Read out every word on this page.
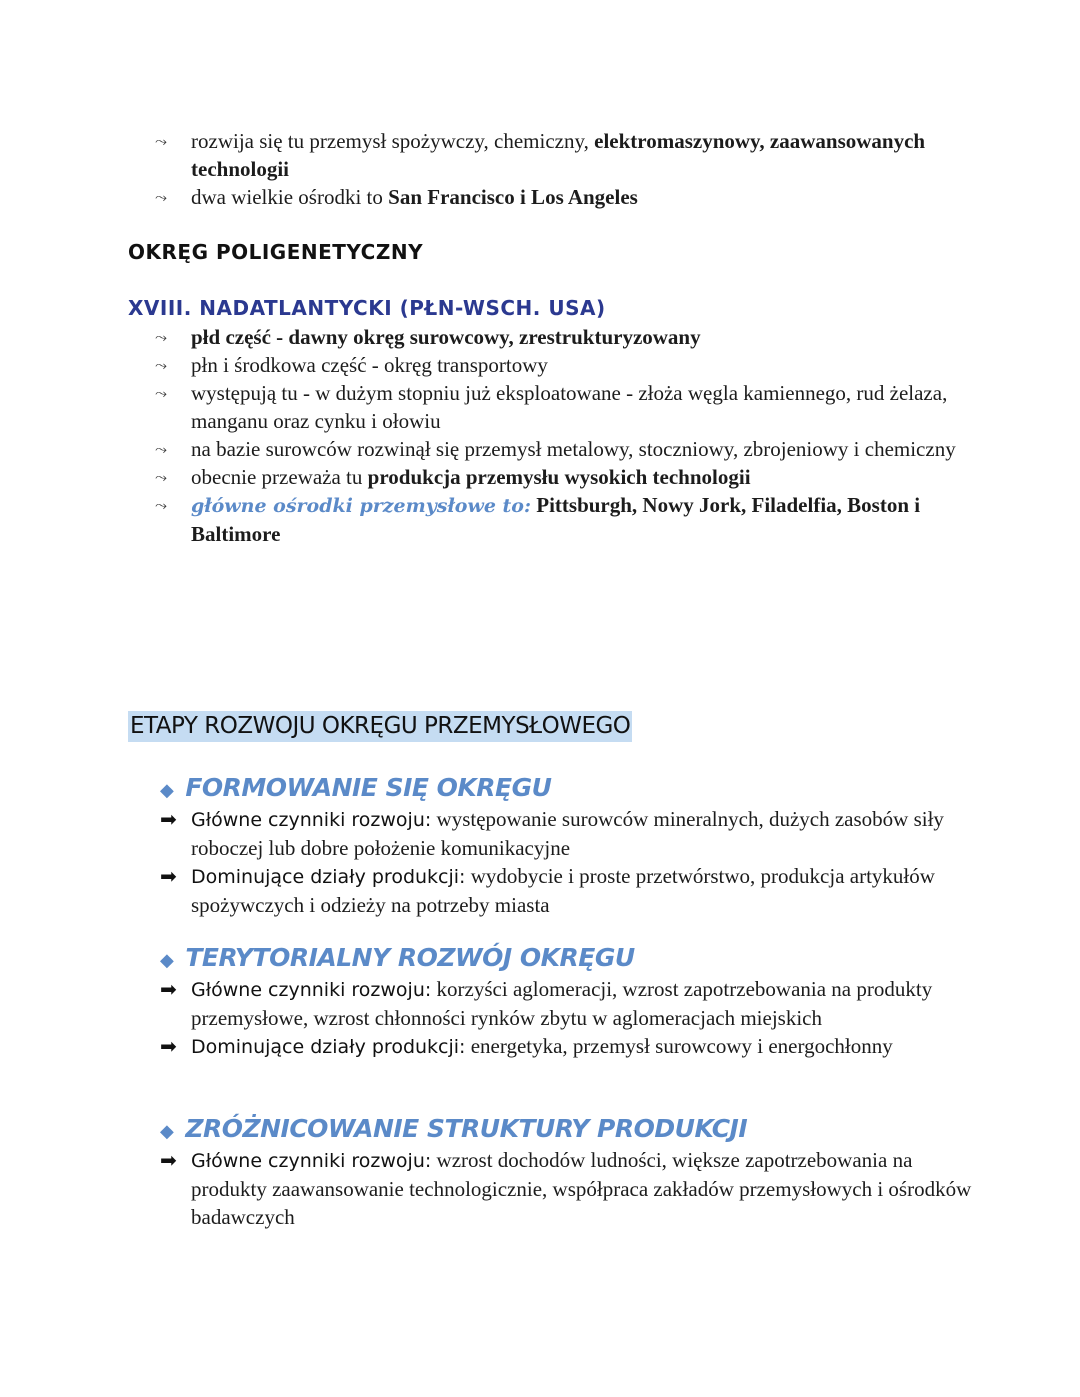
⤳	rozwija się tu przemysł spożywczy, chemiczny, elektromaszynowy, zaawansowanych technologii
⤳	dwa wielkie ośrodki to San Francisco i Los Angeles
OKRĘG POLIGENETYCZNY
XVIII. NADATLANTYCKI (PŁN-WSCH. USA)
⤳	płd część - dawny okręg surowcowy, zrestrukturyzowany
⤳	płn i środkowa część - okręg transportowy
⤳	występują tu - w dużym stopniu już eksploatowane - złoża węgla kamiennego, rud żelaza, manganu oraz cynku i ołowiu
⤳	na bazie surowców rozwinął się przemysł metalowy, stoczniowy, zbrojeniowy i chemiczny
⤳	obecnie przeważa tu produkcja przemysłu wysokich technologii
⤳	główne ośrodki przemysłowe to: Pittsburgh, Nowy Jork, Filadelfia, Boston i Baltimore
ETAPY ROZWOJU OKRĘGU PRZEMYSŁOWEGO
◆ FORMOWANIE SIĘ OKRĘGU
➡ Główne czynniki rozwoju: występowanie surowców mineralnych, dużych zasobów siły roboczej lub dobre położenie komunikacyjne
➡ Dominujące działy produkcji: wydobycie i proste przetwórstwo, produkcja artykułów spożywczych i odzieży na potrzeby miasta
◆ TERYTORIALNY ROZWÓJ OKRĘGU
➡ Główne czynniki rozwoju: korzyści aglomeracji, wzrost zapotrzebowania na produkty przemysłowe, wzrost chłonności rynków zbytu w aglomeracjach miejskich
➡ Dominujące działy produkcji: energetyka, przemysł surowcowy i energochłonny
◆ ZRÓŻNICOWANIE STRUKTURY PRODUKCJI
➡ Główne czynniki rozwoju: wzrost dochodów ludności, większe zapotrzebowania na produkty zaawansowanie technologicznie, współpraca zakładów przemysłowych i ośrodków badawczych
